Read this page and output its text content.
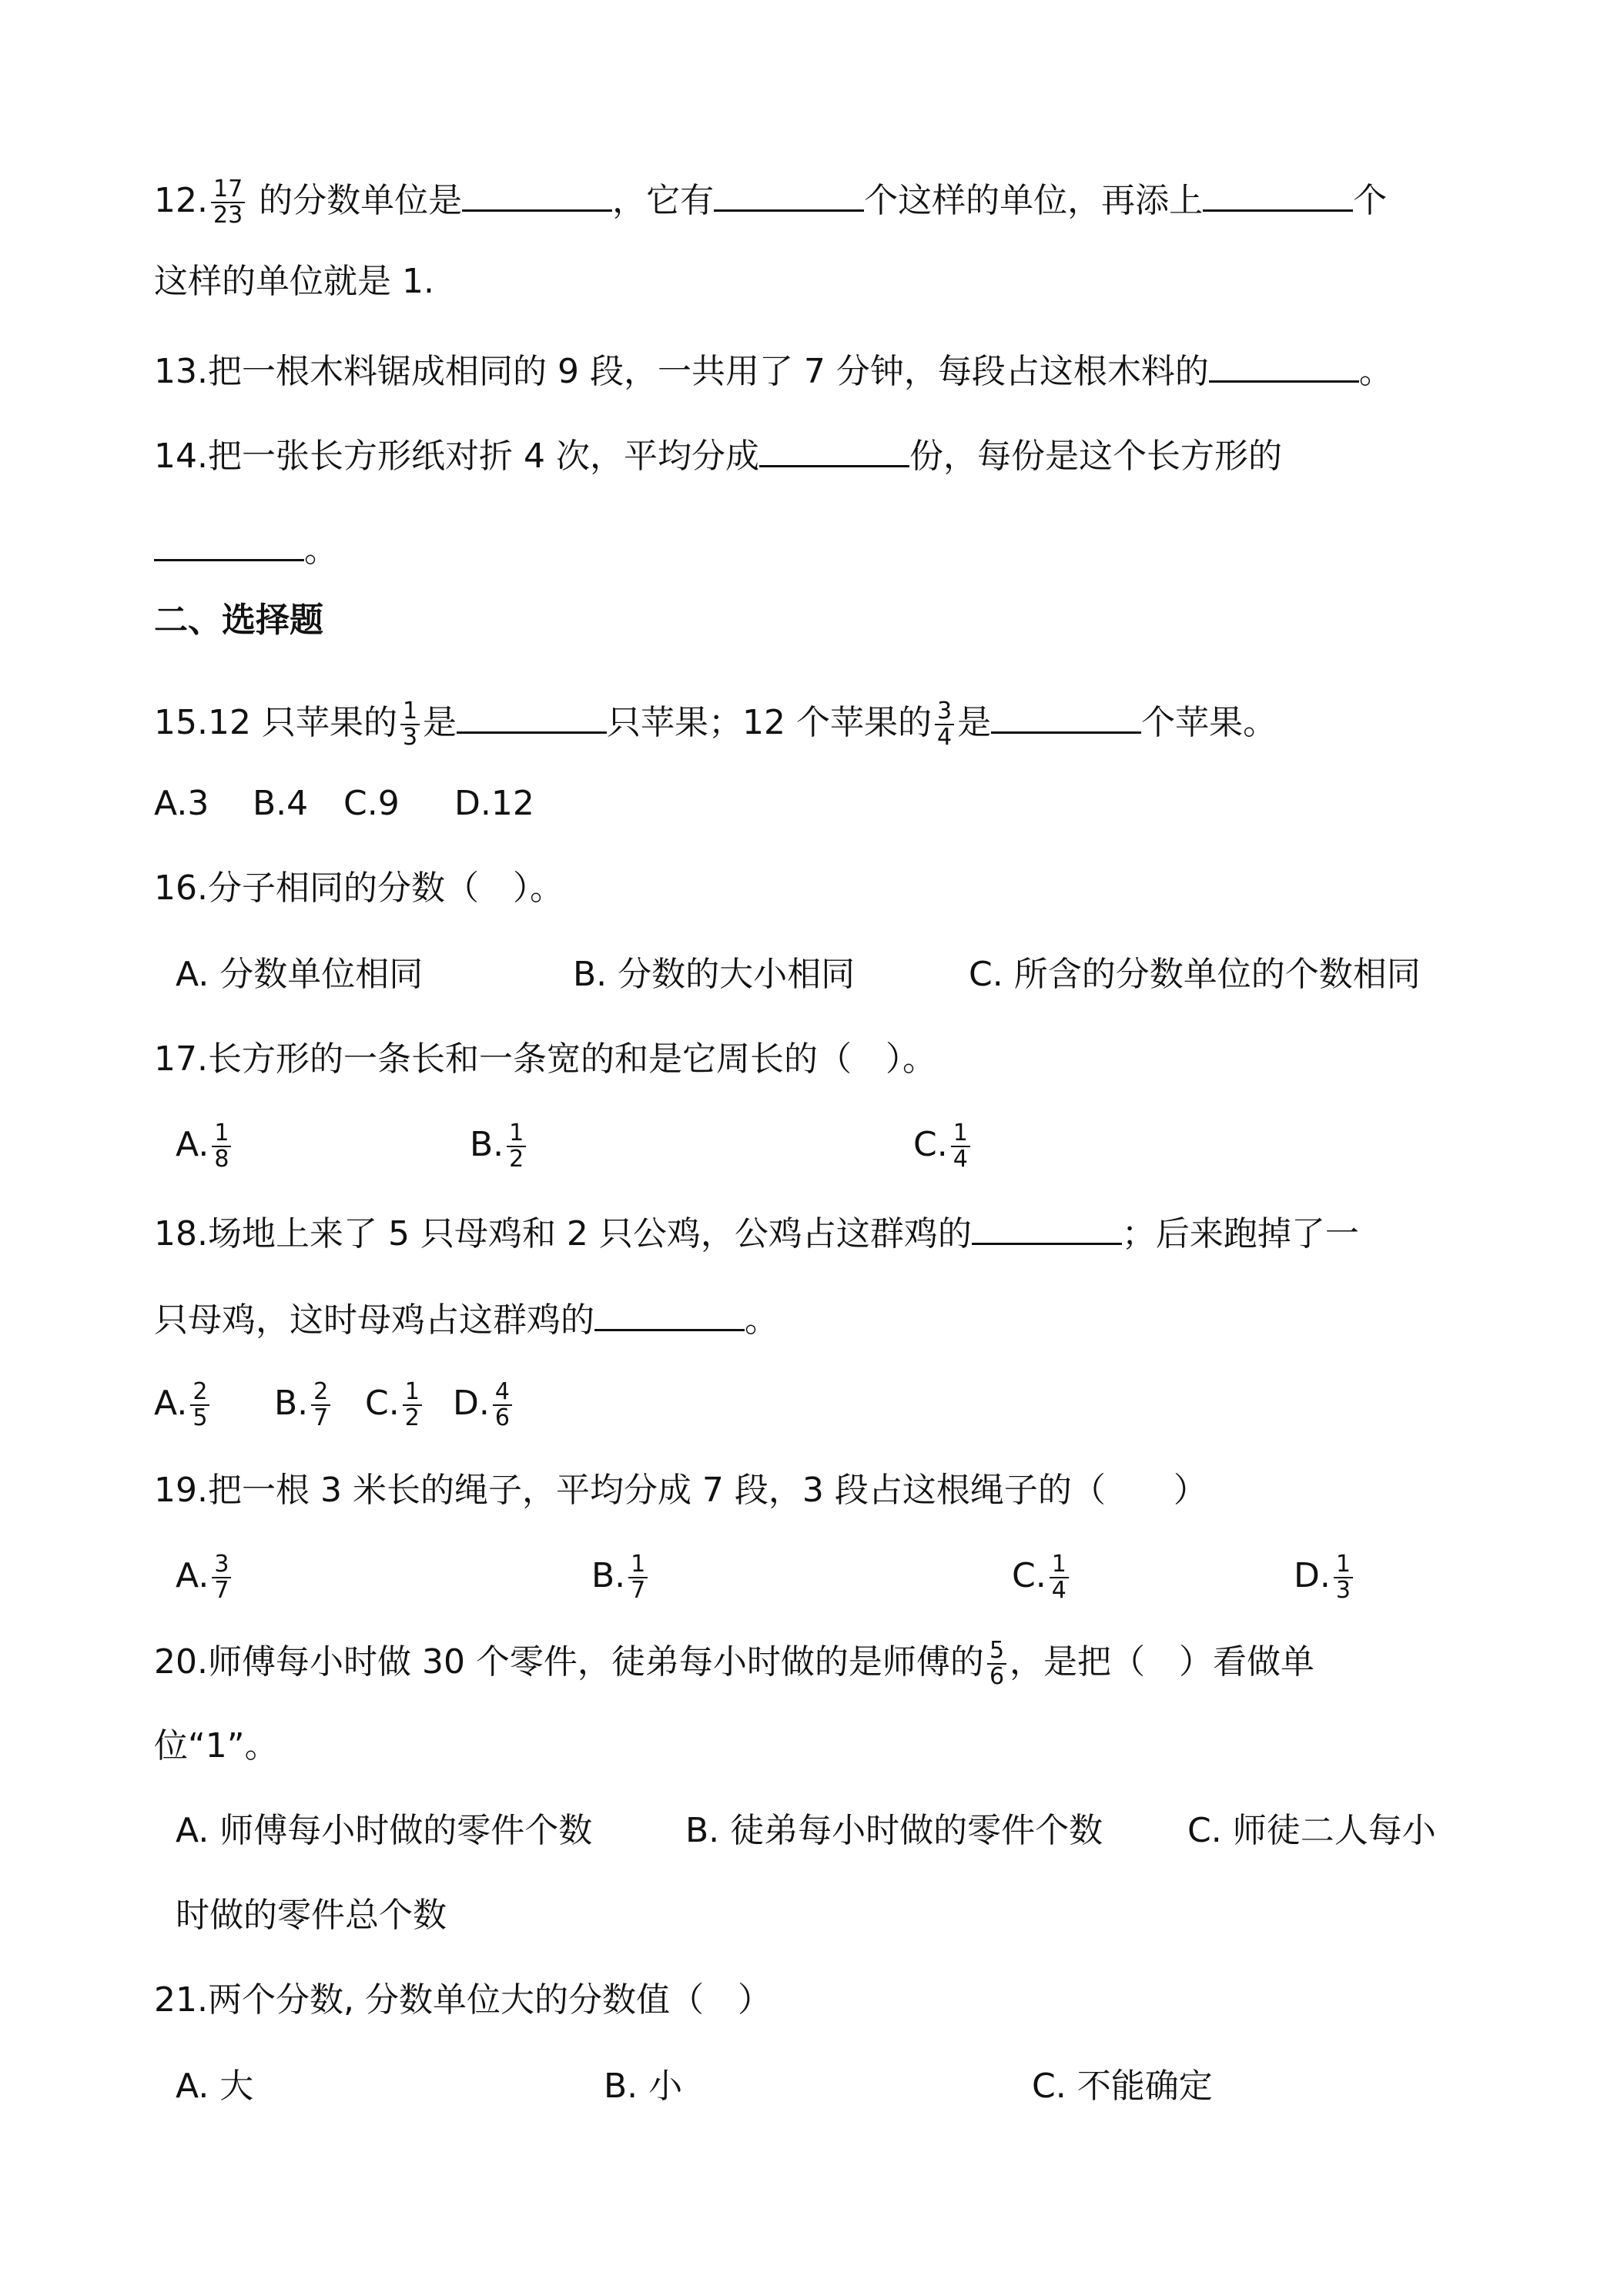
12. $\frac{17}{23}$ 的分数单位是	，它有	个这样的单位，再添上	个
这样的单位就是 1.
13.把一根木料锯成相同的 9 段，一共用了 7 分钟，每段占这根木料的	。
14.把一张长方形纸对折 4 次，平均分成	份，每份是这个长方形的
。
二、选择题
15.12 只苹果的 $\frac{1}{3}$ 是	只苹果；12 个苹果的 $\frac{3}{4}$ 是	个苹果。
A.3 B.4 C.9 D.12
16.分子相同的分数（　）。
A. 分数单位相同	B. 分数的大小相同	C. 所含的分数单位的个数相同
17.长方形的一条长和一条宽的和是它周长的（　）。
A. $\frac{1}{8}$	B. $\frac{1}{2}$	C. $\frac{1}{4}$
18.场地上来了 5 只母鸡和 2 只公鸡，公鸡占这群鸡的	；后来跑掉了一
只母鸡，这时母鸡占这群鸡的	。
A. $\frac{2}{5} B$. $\frac{2}{7} C$. $\frac{1}{2} D$. $\frac{4}{6}$
19.把一根 3 米长的绳子，平均分成 7 段，3 段占这根绳子的（　　）
A. $\frac{3}{7}$	B. $\frac{1}{7}$	C. $\frac{1}{4}$	D. $\frac{1}{3}$
20.师傅每小时做 30 个零件，徒弟每小时做的是师傅的 $\frac{5}{6}$ ，是把（　）看做单
位“1”。
A. 师傅每小时做的零件个数	B. 徒弟每小时做的零件个数 C. 师徒二人每小
时做的零件总个数
21.两个分数, 分数单位大的分数值（　）
A. 大	B. 小	C. 不能确定
